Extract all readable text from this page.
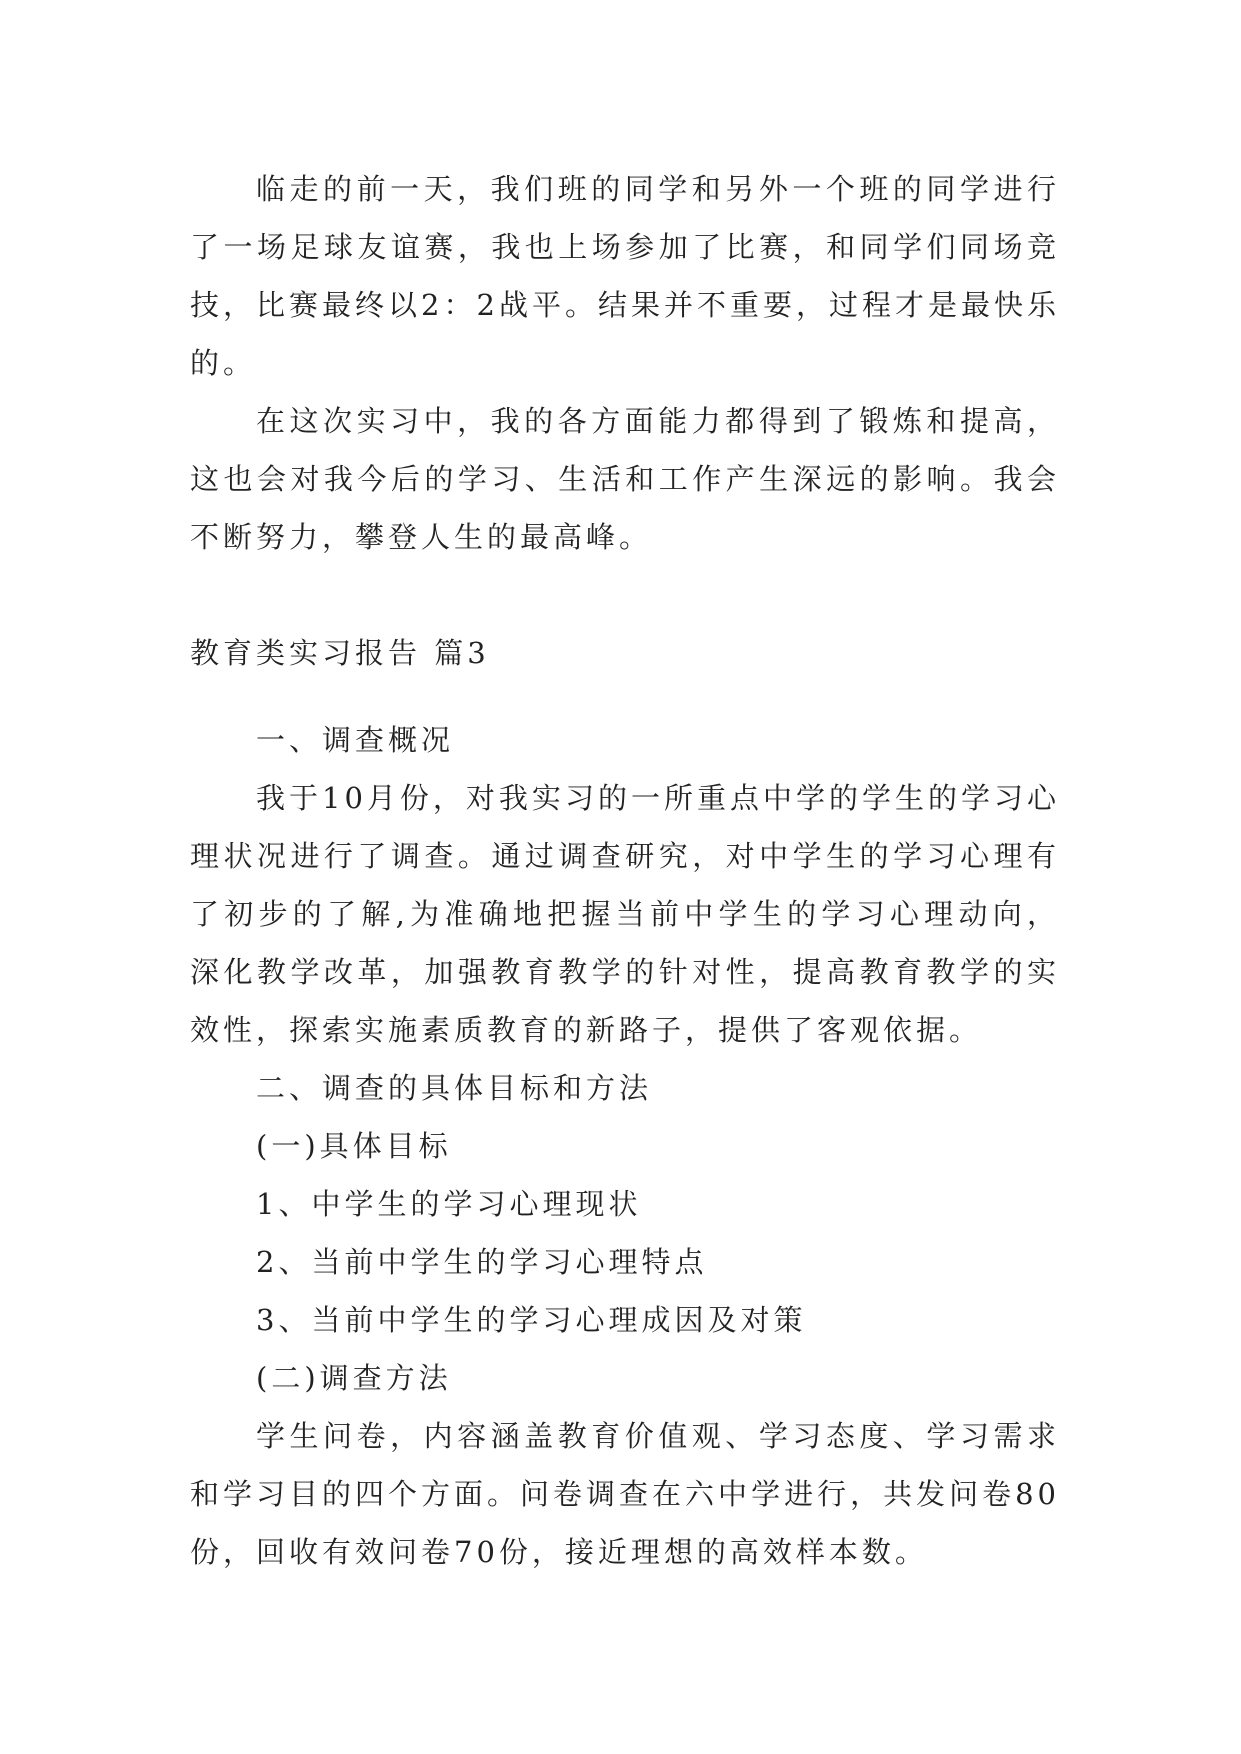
临走的前一天，我们班的同学和另外一个班的同学进行了一场足球友谊赛，我也上场参加了比赛，和同学们同场竞技，比赛最终以2：2战平。结果并不重要，过程才是最快乐的。

在这次实习中，我的各方面能力都得到了锻炼和提高，这也会对我今后的学习、生活和工作产生深远的影响。我会不断努力，攀登人生的最高峰。

教育类实习报告 篇3

一、调查概况

我于10月份，对我实习的一所重点中学的学生的学习心理状况进行了调查。通过调查研究，对中学生的学习心理有了初步的了解,为准确地把握当前中学生的学习心理动向，深化教学改革，加强教育教学的针对性，提高教育教学的实效性，探索实施素质教育的新路子，提供了客观依据。

二、调查的具体目标和方法

(一)具体目标

1、中学生的学习心理现状

2、当前中学生的学习心理特点

3、当前中学生的学习心理成因及对策

(二)调查方法

学生问卷，内容涵盖教育价值观、学习态度、学习需求和学习目的四个方面。问卷调查在六中学进行，共发问卷80份，回收有效问卷70份，接近理想的高效样本数。
